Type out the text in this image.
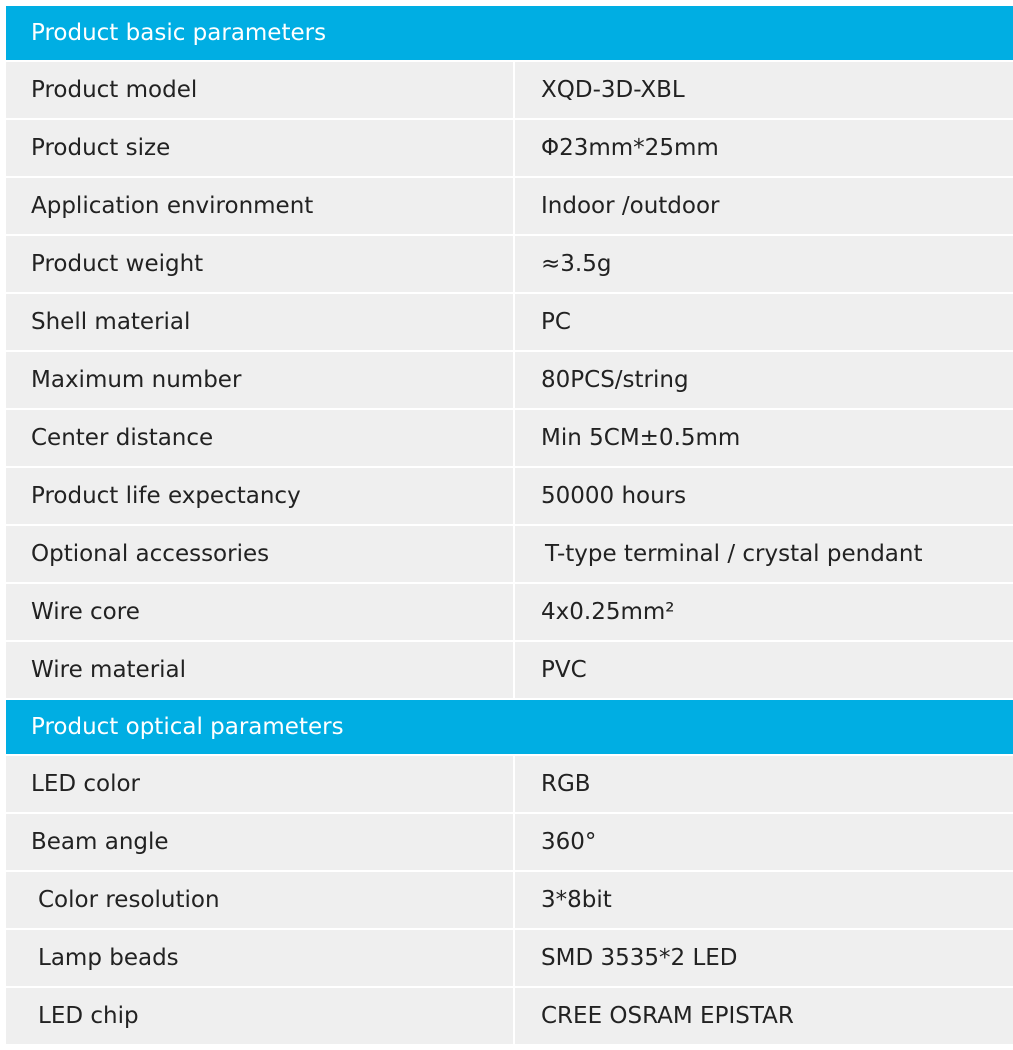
Product basic parameters
Product model	XQD-3D-XBL
Product size	Φ23mm*25mm
Application environment	Indoor /outdoor
Product weight	≈3.5g
Shell material	PC
Maximum number	80PCS/string
Center distance	Min 5CM±0.5mm
Product life expectancy	50000 hours
Optional accessories	T-type terminal / crystal pendant
Wire core	4x0.25mm²
Wire material	PVC
Product optical parameters
LED color	RGB
Beam angle	360°
Color resolution	3*8bit
Lamp beads	SMD 3535*2 LED
LED chip	CREE OSRAM EPISTAR
